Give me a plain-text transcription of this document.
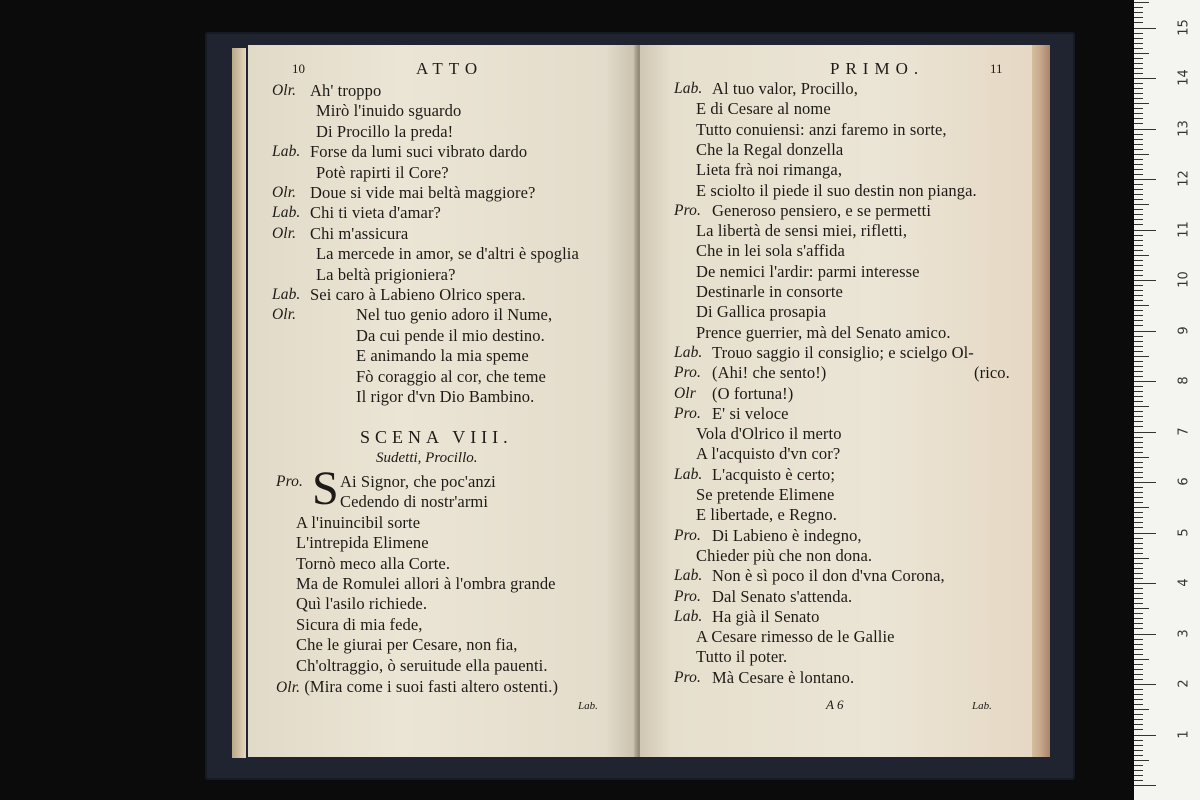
10	ATTO
Olr. Ah' troppo
Mirò l'inuido sguardo
Di Procillo la preda!
Lab. Forse da lumi suci vibrato dardo
Potè rapirti il Core?
Olr. Doue si vide mai beltà maggiore?
Lab. Chi ti vieta d'amar?
Olr. Chi m'assicura
La mercede in amor, se d'altri è spoglia
La beltà prigioniera?
Lab. Sei caro à Labieno Olrico spera.
Olr.	Nel tuo genio adoro il Nume,
Da cui pende il mio destino.
E animando la mia speme
Fò coraggio al cor, che teme
Il rigor d'vn Dio Bambino.
SCENA VIII.
Sudetti, Procillo.
Pro. S Ai Signor, che poc'anzi
Cedendo di nostr'armi
A l'inuincibil sorte
L'intrepida Elimene
Tornò meco alla Corte.
Ma de Romulei allori à l'ombra grande
Quì l'asilo richiede.
Sicura di mia fede,
Che le giurai per Cesare, non fia,
Ch'oltraggio, ò seruitude ella pauenti.
Olr. (Mira come i suoi fasti altero ostenti.)
Lab.
PRIMO.	11
Lab. Al tuo valor, Procillo,
E di Cesare al nome
Tutto conuiensi: anzi faremo in sorte,
Che la Regal donzella
Lieta frà noi rimanga,
E sciolto il piede il suo destin non pianga.
Pro. Generoso pensiero, e se permetti
La libertà de sensi miei, rifletti,
Che in lei sola s'affida
De nemici l'ardir: parmi interesse
Destinarle in consorte
Di Gallica prosapia
Prence guerrier, mà del Senato amico.
Lab. Trouo saggio il consiglio; e scielgo Ol-
Pro. (Ahi! che sento!)	(rico.
Olr (O fortuna!)
Pro. E' si veloce
Vola d'Olrico il merto
A l'acquisto d'vn cor?
Lab. L'acquisto è certo;
Se pretende Elimene
E libertade, e Regno.
Pro. Di Labieno è indegno,
Chieder più che non dona.
Lab. Non è sì poco il don d'vna Corona,
Pro. Dal Senato s'attenda.
Lab. Ha già il Senato
A Cesare rimesso de le Gallie
Tutto il poter.
Pro. Mà Cesare è lontano.
A 6	Lab.
1
2
3
4
5
6
7
8
9
10
11
12
13
14
15
